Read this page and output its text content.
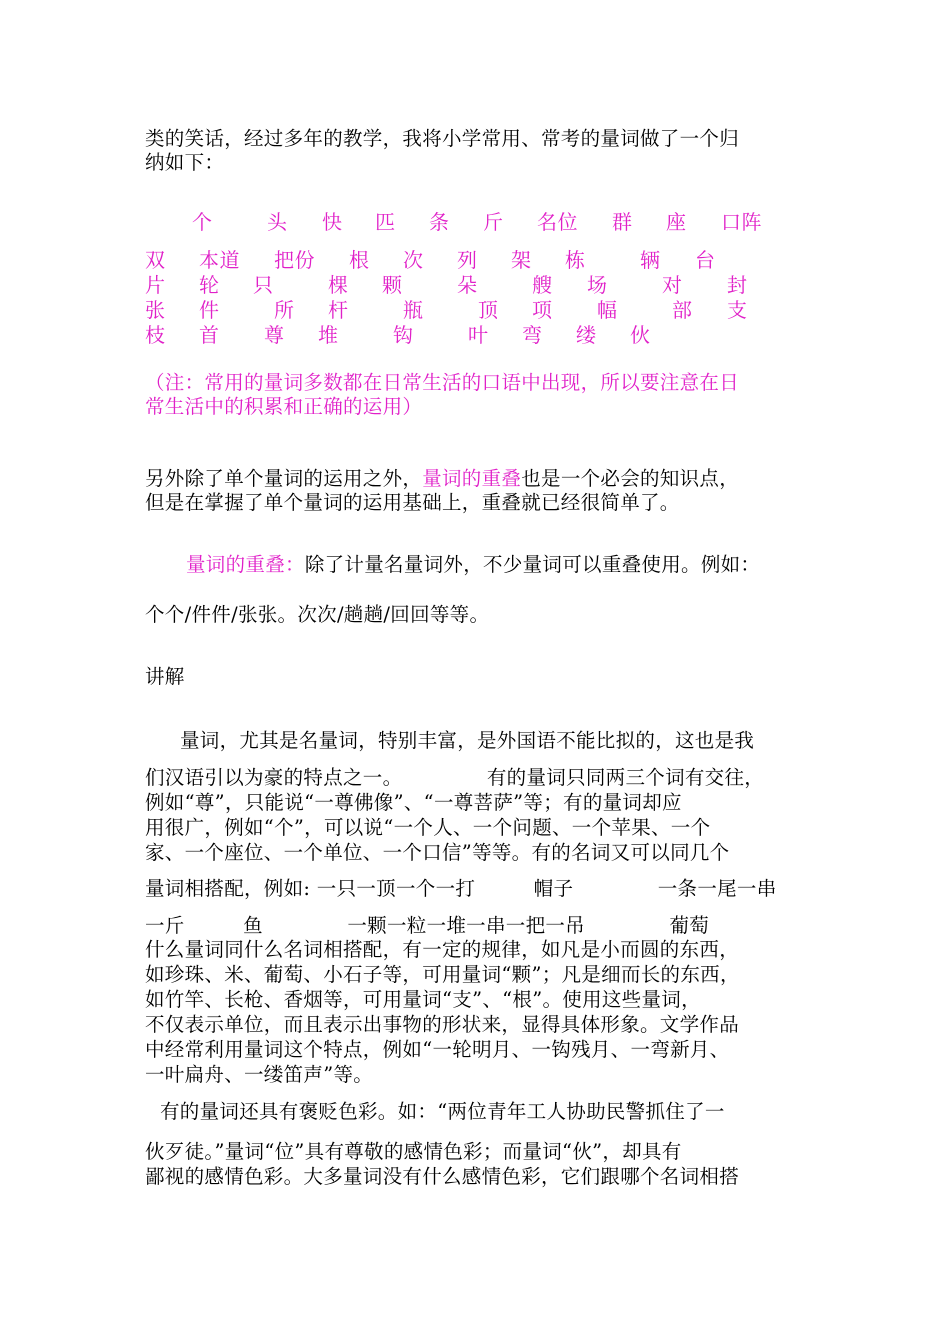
类的笑话，经过多年的教学，我将小学常用、常考的量词做了一个归

纳如下：

个	头 快 匹 条 斤 名位 群 座 口阵
双 本道 把份 根 次 列 架 栋	辆 台
片 轮 只	棵 颗	朵	艘 场	对 封
张 件	所 杆	瓶	顶 项 幅	部 支
枝 首 尊 堆	钩	叶 弯 缕 伙

（注：常用的量词多数都在日常生活的口语中出现，所以要注意在日

常生活中的积累和正确的运用）

另外除了单个量词的运用之外，量词的重叠也是一个必会的知识点，

但是在掌握了单个量词的运用基础上，重叠就已经很简单了。

量词的重叠：除了计量名量词外，不少量词可以重叠使用。例如：

个个/件件/张张。次次/趟趟/回回等等。

讲解

量词，尤其是名量词，特别丰富，是外国语不能比拟的，这也是我

们汉语引以为豪的特点之一。             有的量词只同两三个词有交往，

例如“尊”，只能说“一尊佛像”、“一尊菩萨”等；有的量词却应

用很广，例如“个”，可以说“一个人、一个问题、一个苹果、一个

家、一个座位、一个单位、一个口信”等等。有的名词又可以同几个

量词相搭配，例如: 一只一顶一个一打         帽子             一条一尾一串

一斤         鱼             一颗一粒一堆一串一把一吊             葡萄

什么量词同什么名词相搭配，有一定的规律，如凡是小而圆的东西，

如珍珠、米、葡萄、小石子等，可用量词“颗”；凡是细而长的东西，

如竹竿、长枪、香烟等，可用量词“支”、“根”。使用这些量词，

不仅表示单位，而且表示出事物的形状来，显得具体形象。文学作品

中经常利用量词这个特点，例如“一轮明月、一钩残月、一弯新月、

一叶扁舟、一缕笛声”等。

有的量词还具有褒贬色彩。如：“两位青年工人协助民警抓住了一

伙歹徒。”量词“位”具有尊敬的感情色彩；而量词“伙”，却具有

鄙视的感情色彩。大多量词没有什么感情色彩，它们跟哪个名词相搭
